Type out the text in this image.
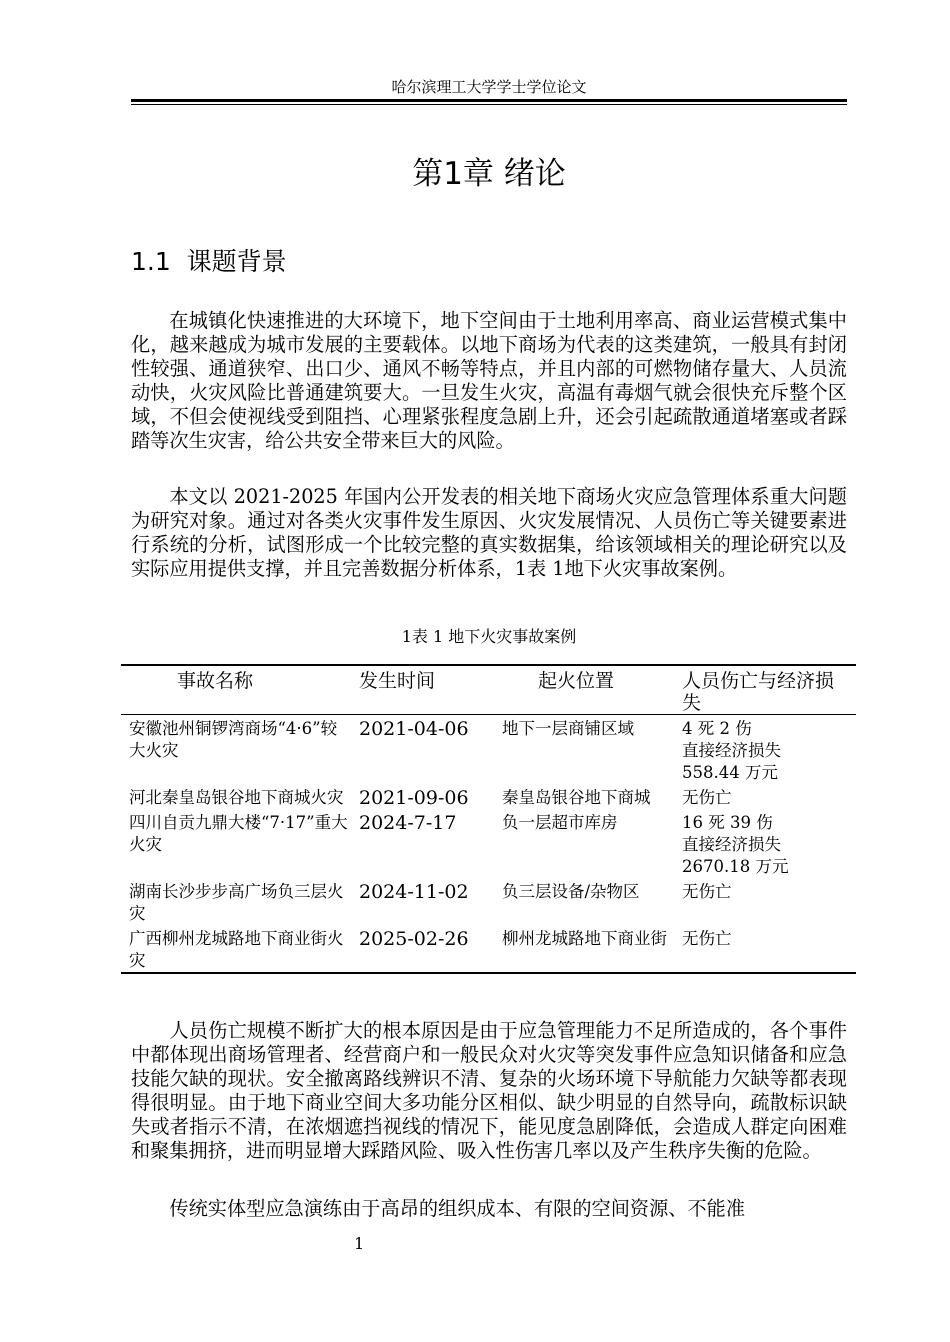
哈尔滨理工大学学士学位论文
第1章 绪论
1.1 课题背景

在城镇化快速推进的大环境下，地下空间由于土地利用率高、商业运营模式集中化，越来越成为城市发展的主要载体。以地下商场为代表的这类建筑，一般具有封闭性较强、通道狭窄、出口少、通风不畅等特点，并且内部的可燃物储存量大、人员流动快，火灾风险比普通建筑要大。一旦发生火灾，高温有毒烟气就会很快充斥整个区域，不但会使视线受到阻挡、心理紧张程度急剧上升，还会引起疏散通道堵塞或者踩踏等次生灾害，给公共安全带来巨大的风险。

本文以 2021-2025 年国内公开发表的相关地下商场火灾应急管理体系重大问题为研究对象。通过对各类火灾事件发生原因、火灾发展情况、人员伤亡等关键要素进行系统的分析，试图形成一个比较完整的真实数据集，给该领域相关的理论研究以及实际应用提供支撑，并且完善数据分析体系，1表 1地下火灾事故案例。

1表 1 地下火灾事故案例
事故名称	发生时间	起火位置	人员伤亡与经济损失
安徽池州铜锣湾商场“4·6”较大火灾	2021-04-06	地下一层商铺区域	4 死 2 伤
直接经济损失
558.44 万元

河北秦皇岛银谷地下商城火灾	2021-09-06	秦皇岛银谷地下商城	无伤亡

四川自贡九鼎大楼“7·17”重大火灾	2024-7-17	负一层超市库房	16 死 39 伤
直接经济损失
2670.18 万元

湖南长沙步步高广场负三层火灾	2024-11-02	负三层设备/杂物区	无伤亡

广西柳州龙城路地下商业街火灾	2025-02-26	柳州龙城路地下商业街	无伤亡

人员伤亡规模不断扩大的根本原因是由于应急管理能力不足所造成的，各个事件中都体现出商场管理者、经营商户和一般民众对火灾等突发事件应急知识储备和应急技能欠缺的现状。安全撤离路线辨识不清、复杂的火场环境下导航能力欠缺等都表现得很明显。由于地下商业空间大多功能分区相似、缺少明显的自然导向，疏散标识缺失或者指示不清，在浓烟遮挡视线的情况下，能见度急剧降低，会造成人群定向困难和聚集拥挤，进而明显增大踩踏风险、吸入性伤害几率以及产生秩序失衡的危险。

传统实体型应急演练由于高昂的组织成本、有限的空间资源、不能准

1
